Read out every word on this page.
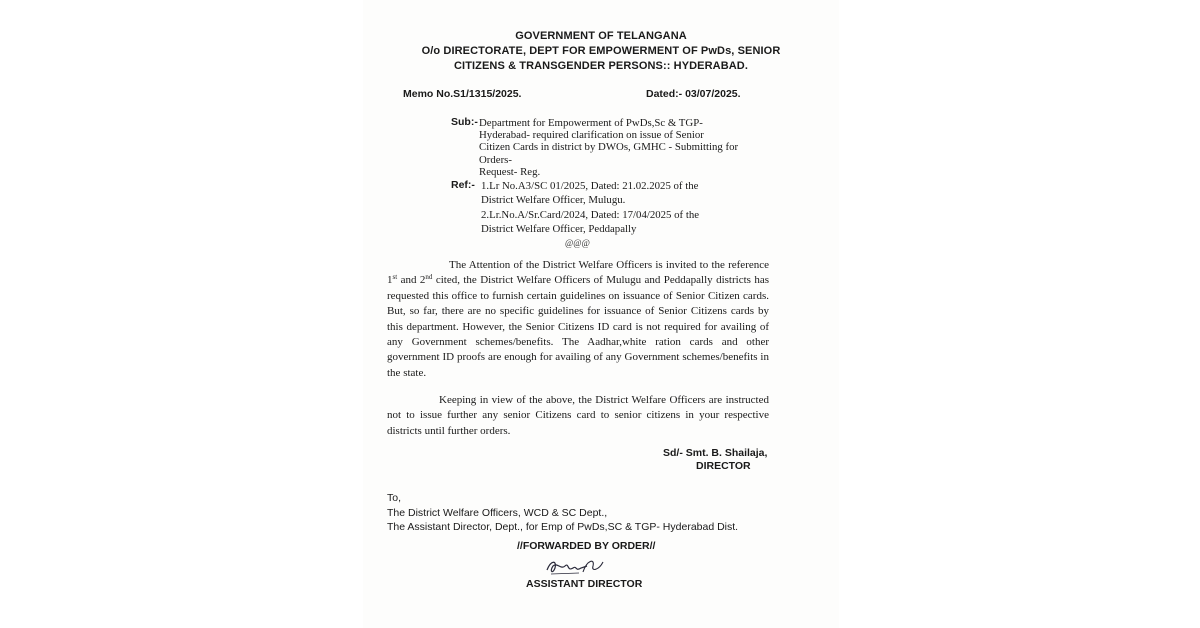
GOVERNMENT OF TELANGANA
O/o DIRECTORATE, DEPT FOR EMPOWERMENT OF PwDs, SENIOR
CITIZENS & TRANSGENDER PERSONS:: HYDERABAD.
Memo No.S1/1315/2025.	Dated:- 03/07/2025.
Sub:- Department for Empowerment of PwDs,Sc & TGP-
Hyderabad- required clarification on issue of Senior
Citizen Cards in district by DWOs, GMHC - Submitting for
Orders-
Request- Reg.
Ref:- 1.Lr No.A3/SC 01/2025, Dated: 21.02.2025 of the
District Welfare Officer, Mulugu.
2.Lr.No.A/Sr.Card/2024, Dated: 17/04/2025 of the
District Welfare Officer, Peddapally
@@@
The Attention of the District Welfare Officers is invited to the reference 1st and 2nd cited, the District Welfare Officers of Mulugu and Peddapally districts has requested this office to furnish certain guidelines on issuance of Senior Citizen cards. But, so far, there are no specific guidelines for issuance of Senior Citizens cards by this department. However, the Senior Citizens ID card is not required for availing of any Government schemes/benefits. The Aadhar,white ration cards and other government ID proofs are enough for availing of any Government schemes/benefits in the state.
Keeping in view of the above, the District Welfare Officers are instructed not to issue further any senior Citizens card to senior citizens in your respective districts until further orders.
Sd/- Smt. B. Shailaja,
DIRECTOR
To,
The District Welfare Officers, WCD & SC Dept.,
The Assistant Director, Dept., for Emp of PwDs,SC & TGP- Hyderabad Dist.
//FORWARDED BY ORDER//
ASSISTANT DIRECTOR
